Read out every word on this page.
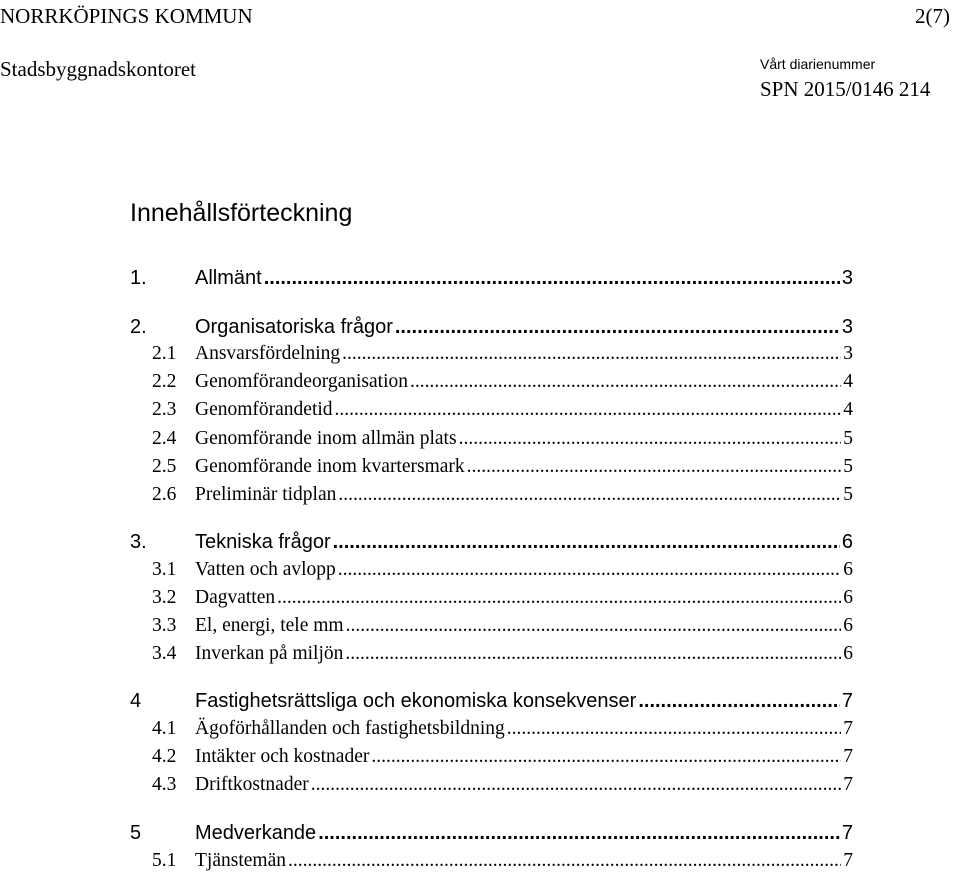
NORRKÖPINGS KOMMUN	2(7)
Stadsbyggnadskontoret	Vårt diarienummer
SPN 2015/0146 214
Innehållsförteckning
1.	Allmänt .....	3
2.	Organisatoriska frågor .....	3
2.1 Ansvarsfördelning .....	3
2.2 Genomförandeorganisation .....	4
2.3 Genomförandetid .....	4
2.4 Genomförande inom allmän plats .....	5
2.5 Genomförande inom kvartersmark .....	5
2.6 Preliminär tidplan .....	5
3.	Tekniska frågor .....	6
3.1 Vatten och avlopp .....	6
3.2 Dagvatten .....	6
3.3 El, energi, tele mm .....	6
3.4 Inverkan på miljön .....	6
4	Fastighetsrättsliga och ekonomiska konsekvenser .....	7
4.1 Ägoförhållanden och fastighetsbildning .....	7
4.2 Intäkter och kostnader .....	7
4.3 Driftkostnader .....	7
5	Medverkande .....	7
5.1 Tjänstemän .....	7
